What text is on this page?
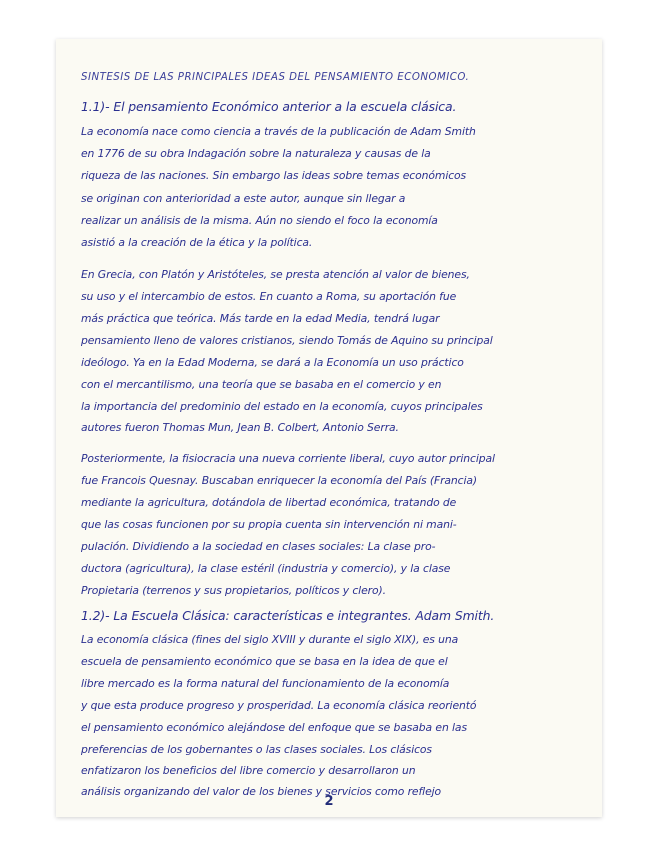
SINTESIS DE LAS PRINCIPALES IDEAS DEL PENSAMIENTO ECONÓMICO.

1.1)- El pensamiento Económico anterior a la escuela clásica.

La economía nace como ciencia a través de la publicación de Adam Smith

en 1776 de su obra Indagación sobre la naturaleza y causas de la

riqueza de las naciones. Sin embargo las ideas sobre temas económicos

se originan con anterioridad a este autor, aunque sin llegar a

realizar un análisis de la misma. Aún no siendo el foco la economía

asistió a la creación de la ética y la política.

En Grecia, con Platón y Aristóteles, se presta atención al valor de bienes,

su uso y el intercambio de estos. En cuanto a Roma, su aportación fue

más práctica que teórica. Más tarde en la edad Media, tendrá lugar

pensamiento lleno de valores cristianos, siendo Tomás de Aquino su principal

ideólogo. Ya en la Edad Moderna, se dará a la Economía un uso práctico

con el mercantilismo, una teoría que se basaba en el comercio y en

la importancia del predominio del estado en la economía, cuyos principales

autores fueron Thomas Mun, Jean B. Colbert, Antonio Serra.

Posteriormente, la fisiocracia una nueva corriente liberal, cuyo autor principal

fue Francois Quesnay. Buscaban enriquecer la economía del País (Francia)

mediante la agricultura, dotándola de libertad económica, tratando de

que las cosas funcionen por su propia cuenta sin intervención ni mani-

pulación. Dividiendo a la sociedad en clases sociales: La clase pro-

ductora (agricultura), la clase estéril (industria y comercio), y la clase

Propietaria (terrenos y sus propietarios, políticos y clero).

1.2)- La Escuela Clásica: características e integrantes. Adam Smith.

La economía clásica (fines del siglo XVIII y durante el siglo XIX), es una

escuela de pensamiento económico que se basa en la idea de que el

libre mercado es la forma natural del funcionamiento de la economía

y que esta produce progreso y prosperidad. La economía clásica reorientó

el pensamiento económico alejándose del enfoque que se basaba en las

preferencias de los gobernantes o las clases sociales. Los clásicos

enfatizaron los beneficios del libre comercio y desarrollaron un

análisis organizando del valor de los bienes y servicios como reflejo

2
